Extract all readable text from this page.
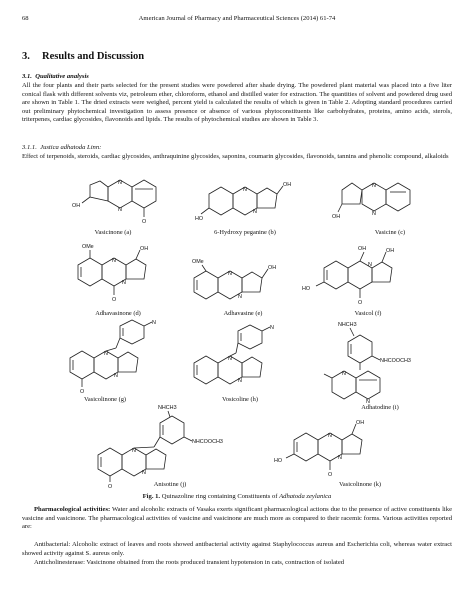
68	American Journal of Pharmacy and Pharmaceutical Sciences (2014) 61-74
3. Results and Discussion
3.1. Qualitative analysis
All the four plants and their parts selected for the present studies were powdered after shade drying. The powdered plant material was placed into a five liter conical flask with different solvents viz, petroleum ether, chloroform, ethanol and distilled water for extraction. The quantities of solvent and powdered drug used are shown in Table 1. The dried extracts were weighed, percent yield is calculated the results of which is given in Table 2. Adopting standard procedures carried out preliminary phytochemical investigation to assess presence or absence of various phytoconstituents like carbohydrates, proteins, amino acids, sterols, triterpenes, cardiac glycosides, flavonoids and lipids. The results of phytochemical studies are shown in Table 3.
3.1.1. Justica adhatoda Linn:
Effect of terpenoids, steroids, cardiac glycosides, anthraquinine glycosides, saponins, coumarin glycosides, flavonoids, tannins and phenolic compound, alkaloids
OH
N
N
O
Vasicinone (a)
OH
N
N
HO
6-Hydroxy peganine (b)
OH
N
N
Vasicine (c)
OMe	OH
N
N
O
Adhavasinone (d)
OMe
OH
N
N
Adhavasine (e)
OH
OH
N
HO
O
Vasicol (f)
N
N
N
O
Vasicolinone (g)
N
N
N
Vosicoline (h)
NHCH3
NHCOOCH3
N
N
Adhatodine (i)
NHCH3
NHCOOCH3
N
N
O	Anisotine (j)
OH
N
N
HO
O
Vasicolinone (k)
Fig. 1. Quinazoline ring containing Constituents of Adhatoda zeylanica
Pharmacological activities: Water and alcoholic extracts of Vasaka exerts significant pharmacological actions due to the presence of active constituents like vasicine and vasicinone. The pharmacological activities of vasicine and vasicinone are much more as compared to their racemic forms. Various activities reported are:
Antibacterial: Alcoholic extract of leaves and roots showed antibacterial activity against Staphylococcus aureus and Escherichia coli, whereas water extract showed activity against S. aureus only.
Anticholinesterase: Vasicinone obtained from the roots produced transient hypotension in cats, contraction of isolated
